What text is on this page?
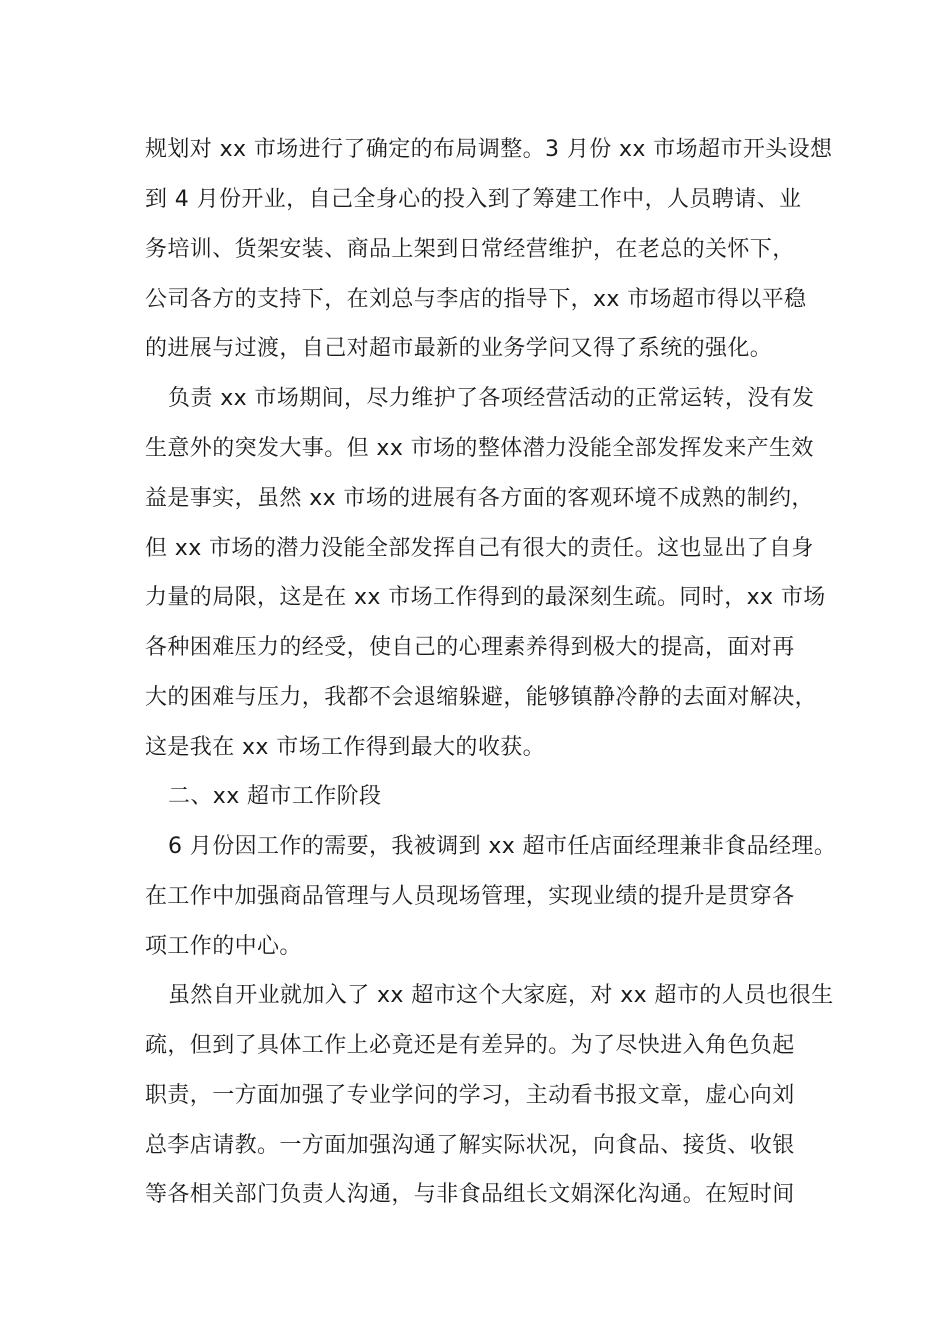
规划对 xx 市场进行了确定的布局调整。3 月份 xx 市场超市开头设想
到 4 月份开业，自己全身心的投入到了筹建工作中，人员聘请、业
务培训、货架安装、商品上架到日常经营维护，在老总的关怀下，
公司各方的支持下，在刘总与李店的指导下，xx 市场超市得以平稳
的进展与过渡，自己对超市最新的业务学问又得了系统的强化。
负责 xx 市场期间，尽力维护了各项经营活动的正常运转，没有发
生意外的突发大事。但 xx 市场的整体潜力没能全部发挥发来产生效
益是事实，虽然 xx 市场的进展有各方面的客观环境不成熟的制约，
但 xx 市场的潜力没能全部发挥自己有很大的责任。这也显出了自身
力量的局限，这是在 xx 市场工作得到的最深刻生疏。同时，xx 市场
各种困难压力的经受，使自己的心理素养得到极大的提高，面对再
大的困难与压力，我都不会退缩躲避，能够镇静冷静的去面对解决，
这是我在 xx 市场工作得到最大的收获。
二、xx 超市工作阶段
6 月份因工作的需要，我被调到 xx 超市任店面经理兼非食品经理。
在工作中加强商品管理与人员现场管理，实现业绩的提升是贯穿各
项工作的中心。
虽然自开业就加入了 xx 超市这个大家庭，对 xx 超市的人员也很生
疏，但到了具体工作上必竟还是有差异的。为了尽快进入角色负起
职责，一方面加强了专业学问的学习，主动看书报文章，虚心向刘
总李店请教。一方面加强沟通了解实际状况，向食品、接货、收银
等各相关部门负责人沟通，与非食品组长文娟深化沟通。在短时间
